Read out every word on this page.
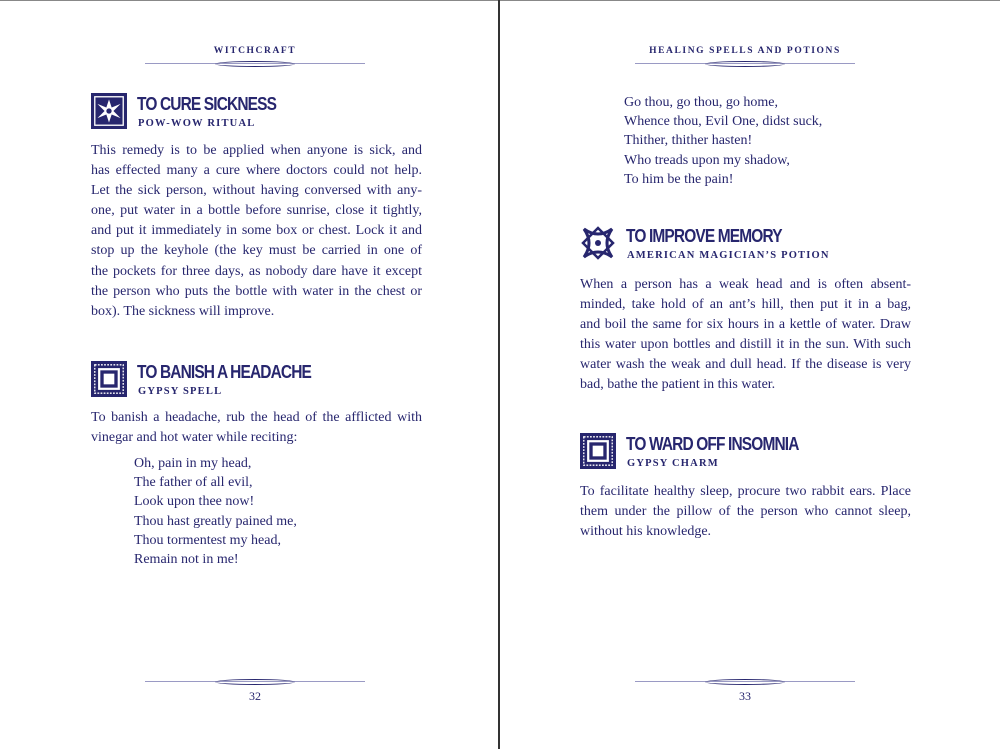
WITCHCRAFT
32
TO CURE SICKNESS
POW-WOW RITUAL
This remedy is to be applied when anyone is sick, and
has effected many a cure where doctors could not help.
Let the sick person, without having conversed with any-
one, put water in a bottle before sunrise, close it tightly,
and put it immediately in some box or chest. Lock it and
stop up the keyhole (the key must be carried in one of
the pockets for three days, as nobody dare have it except
the person who puts the bottle with water in the chest or
box). The sickness will improve.
TO BANISH A HEADACHE
GYPSY SPELL
To banish a headache, rub the head of the afflicted with
vinegar and hot water while reciting:
Oh, pain in my head,
The father of all evil,
Look upon thee now!
Thou hast greatly pained me,
Thou tormentest my head,
Remain not in me!
HEALING SPELLS AND POTIONS
33
Go thou, go thou, go home,
Whence thou, Evil One, didst suck,
Thither, thither hasten!
Who treads upon my shadow,
To him be the pain!
TO IMPROVE MEMORY
AMERICAN MAGICIAN’S POTION
When a person has a weak head and is often absent-
minded, take hold of an ant’s hill, then put it in a bag,
and boil the same for six hours in a kettle of water. Draw
this water upon bottles and distill it in the sun. With such
water wash the weak and dull head. If the disease is very
bad, bathe the patient in this water.
TO WARD OFF INSOMNIA
GYPSY CHARM
To facilitate healthy sleep, procure two rabbit ears. Place
them under the pillow of the person who cannot sleep,
without his knowledge.
